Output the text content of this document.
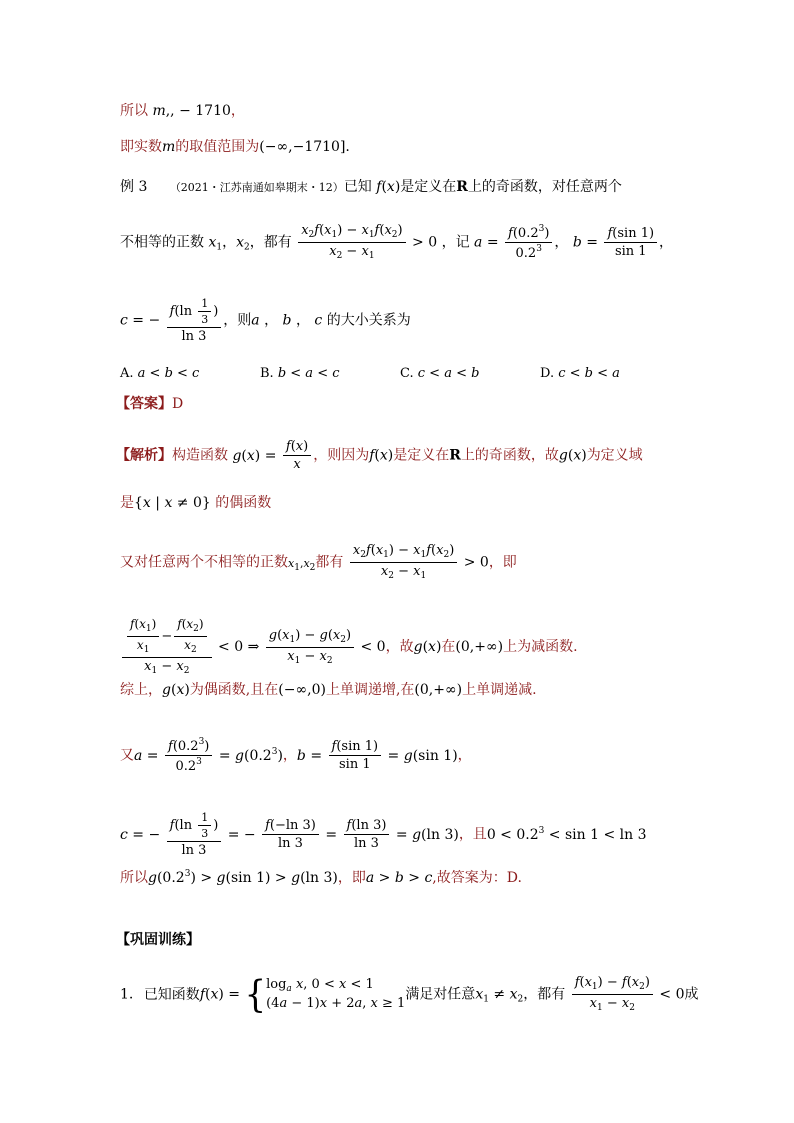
所以 m,, − 1710，
即实数m的取值范围为(−∞,−1710].
例 3 （2021・江苏南通如皋期末・12）已知 f(x)是定义在R上的奇函数，对任意两个
不相等的正数 $x_1$，$x_2$，都有 $\frac{x_2f(x_1) - x_1f(x_2)}{x_2 - x_1} > 0$ ，记 $a = \frac{f(0.2^3)}{0.2^3}$ ， $b = \frac{f(\sin 1)}{\sin 1}$ ，
c = − $\frac{f(\ln \frac{1}{3} )}{\ln 3}$ ，则a ， b ， c 的大小关系为
A. a < b < c	B. b < a < c	C. c < a < b	D. c < b < a
【答案】D
【解析】构造函数 $g(x) = \frac{f(x)}{x}$ ，则因为f(x)是定义在R上的奇函数，故g(x)为定义域
是{x | x ≠ 0} 的偶函数
又对任意两个不相等的正数$x_1,x_2$都有 $\frac{x_2f(x_1) - x_1f(x_2)}{x_2 - x_1} > 0$，即
$\frac{\frac{f(x_1)}{x_1} - \frac{f(x_2)}{x_2}}{x_1 - x_2} < 0$ ⇒ $\frac{g(x_1) - g(x_2)}{x_1 - x_2} < 0$，故g(x)在(0,+∞)上为减函数.
综上，g(x)为偶函数,且在(−∞,0)上单调递增,在(0,+∞)上单调递减.
又$a = \frac{f(0.2^3)}{0.2^3} = g(0.2^3)$，$b = \frac{f(\sin 1)}{\sin 1} = g(\sin$ 1)，
c = − $\frac{f(\ln \frac{1}{3} )}{\ln 3}$ = − $\frac{f(-\ln 3)}{\ln 3} = \frac{f(\ln 3)}{\ln 3} = g(\ln$ 3)，且$0 < 0.2^3 < \sin 1 < \ln 3$
所以$g(0.2^3) > g(\sin$ 1) > g(ln 3)，即a > b > c,故答案为：D.
【巩固训练】
1. 已知函数$f(x) = \{\log_a$ x, 0 < x < 1
(4a − 1)x + 2a, x ≥ 1满足对任意$x_1 \ne x_2$，都有 $\frac{f(x_1) - f(x_2)}{x_1 - x_2} < 0$成
